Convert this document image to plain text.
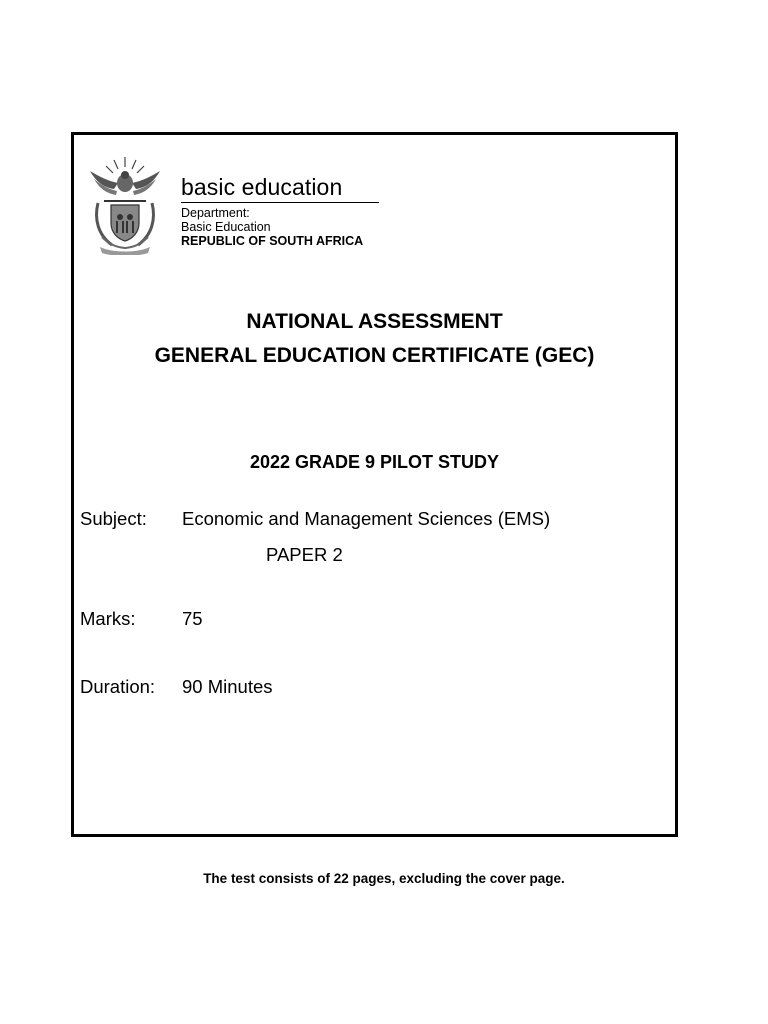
basic education
Department:
Basic Education
REPUBLIC OF SOUTH AFRICA
NATIONAL ASSESSMENT
GENERAL EDUCATION CERTIFICATE (GEC)
2022 GRADE 9 PILOT STUDY
Subject: Economic and Management Sciences (EMS)
PAPER 2
Marks:	75
Duration: 90 Minutes
The test consists of 22 pages, excluding the cover page.
